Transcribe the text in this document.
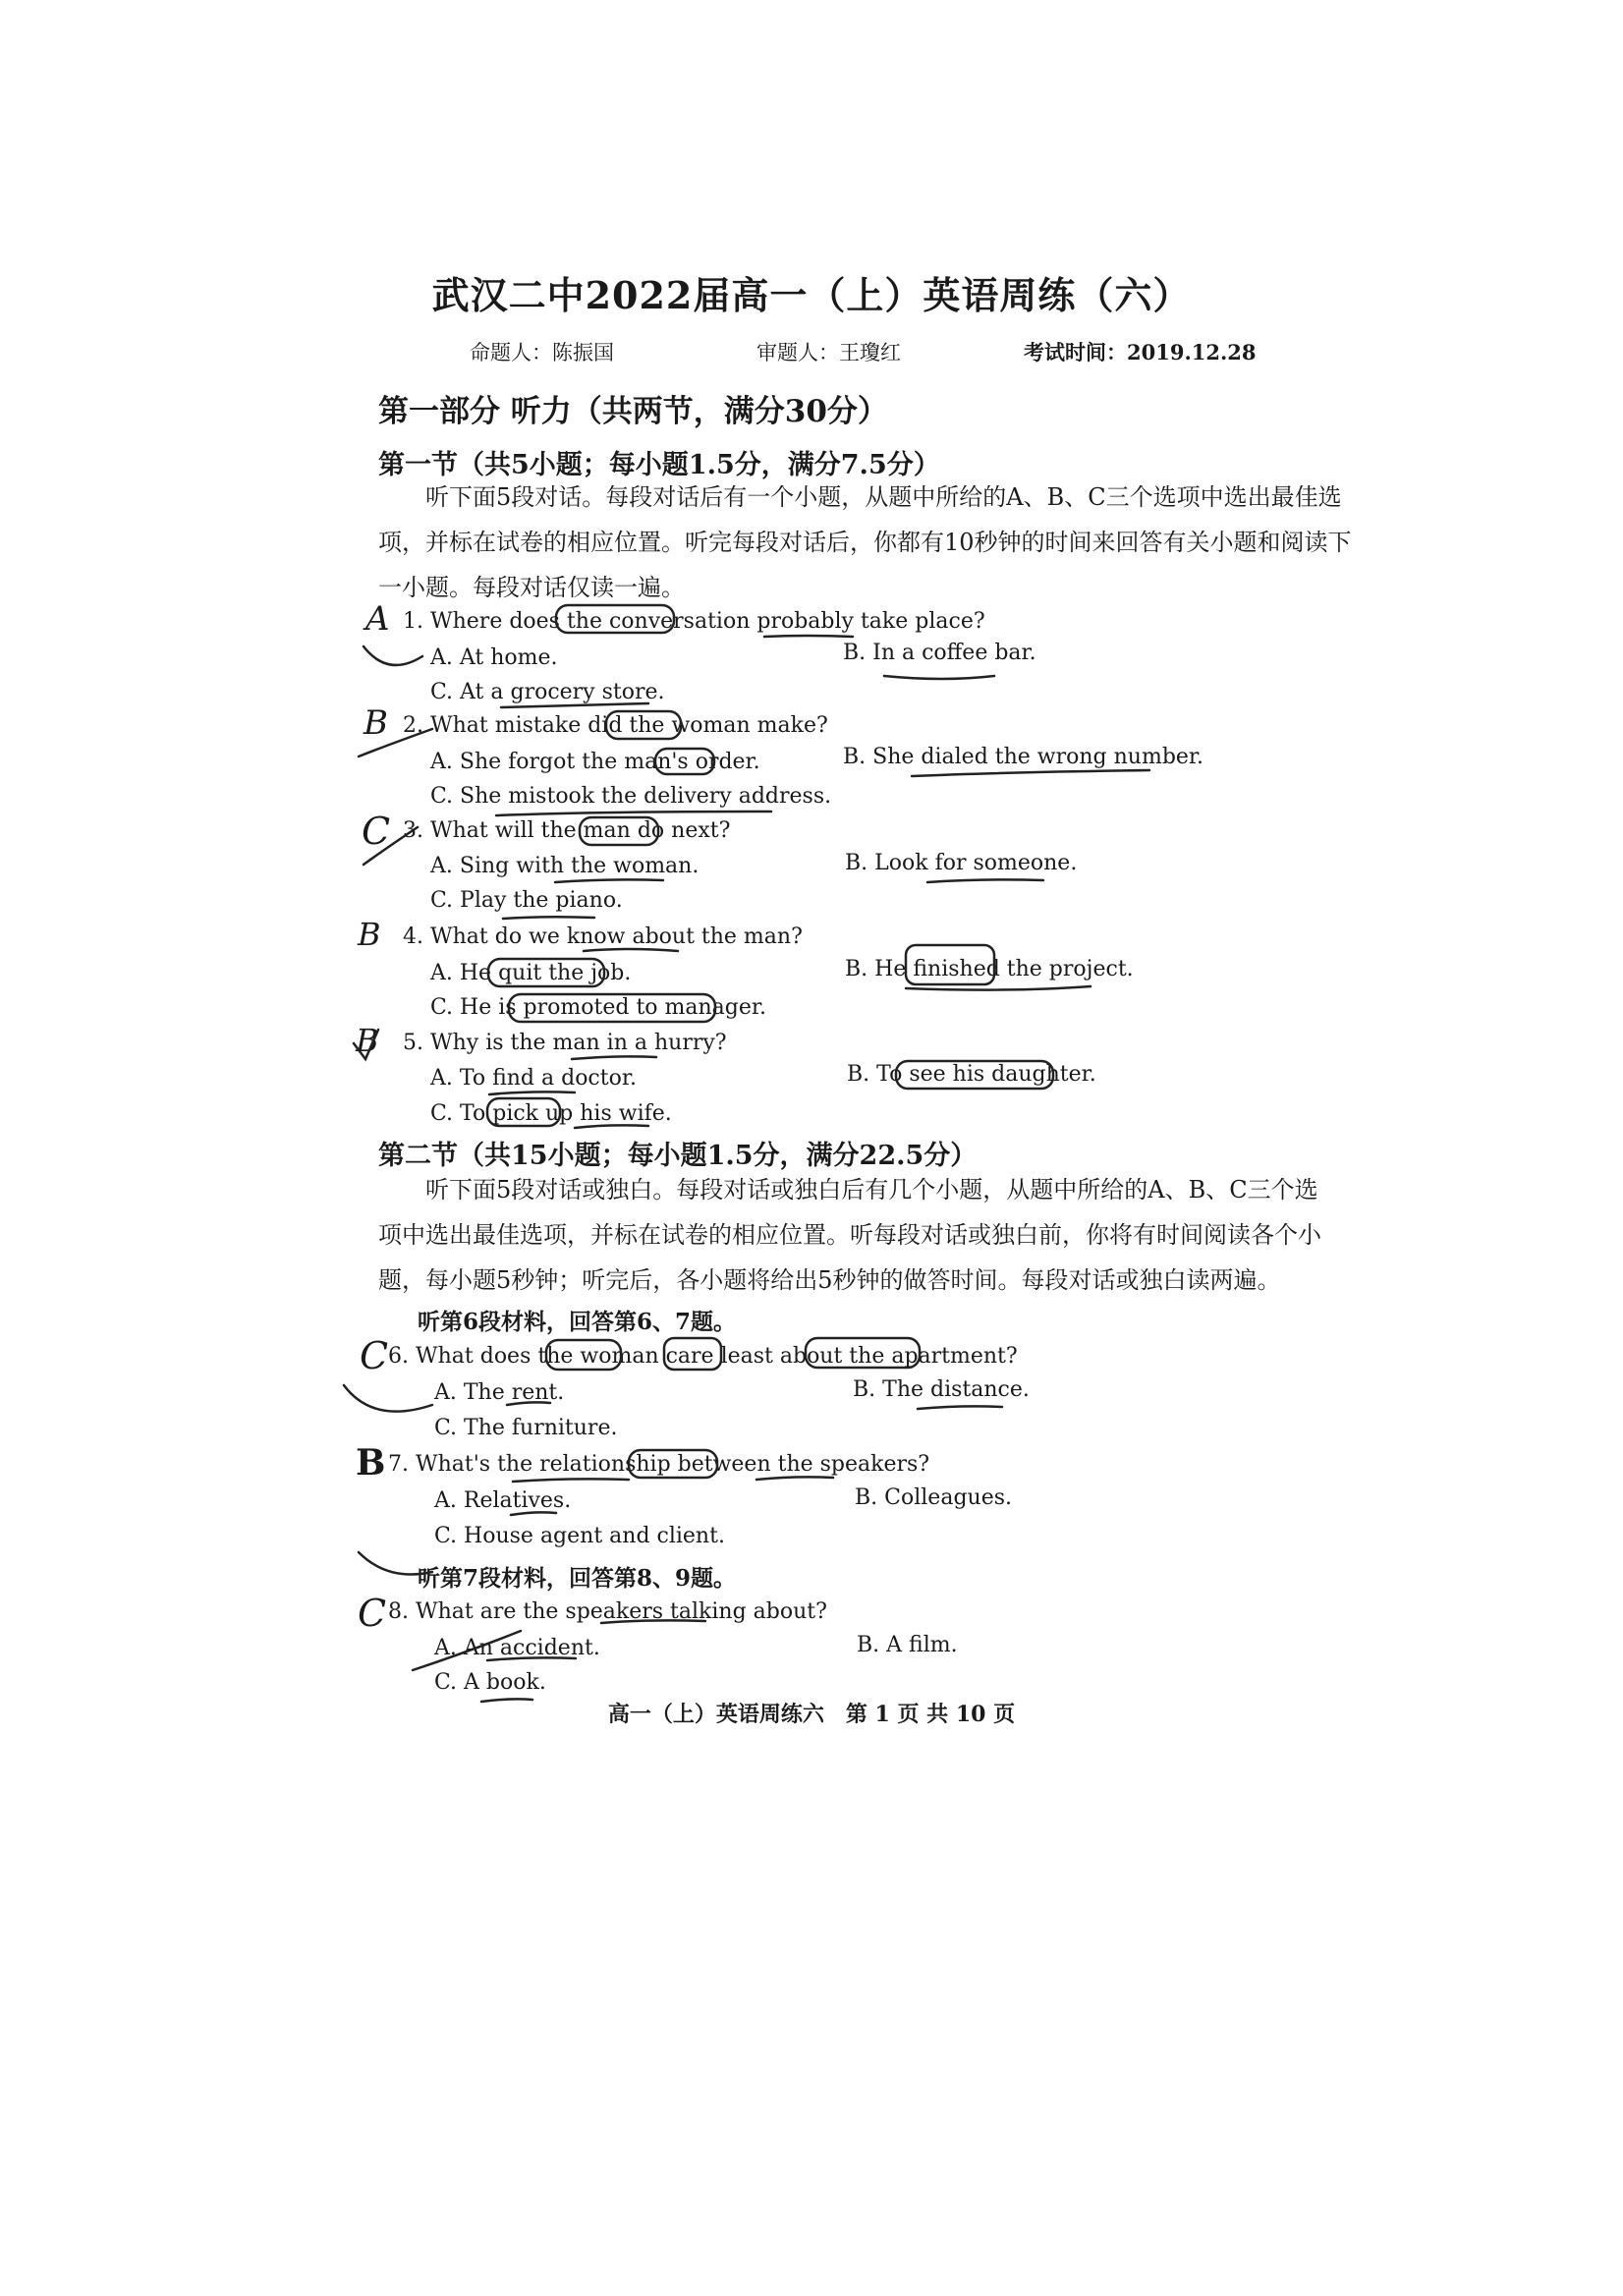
武汉二中2022届高一（上）英语周练（六）
命题人：陈振国	审题人：王瓊红	考试时间：2019.12.28
第一部分 听力（共两节，满分30分）
第一节（共5小题；每小题1.5分，满分7.5分）
听下面5段对话。每段对话后有一个小题，从题中所给的A、B、C三个选项中选出最佳选项，并标在试卷的相应位置。听完每段对话后，你都有10秒钟的时间来回答有关小题和阅读下一小题。每段对话仅读一遍。
1. Where does the conversation probably take place?
A. At home.	B. In a coffee bar.
C. At a grocery store.
2. What mistake did the woman make?
A. She forgot the man's order.	B. She dialed the wrong number.
C. She mistook the delivery address.
3. What will the man do next?
A. Sing with the woman.	B. Look for someone.
C. Play the piano.
4. What do we know about the man?
A. He quit the job.	B. He finished the project.
C. He is promoted to manager.
5. Why is the man in a hurry?
A. To find a doctor.	B. To see his daughter.
C. To pick up his wife.
第二节（共15小题；每小题1.5分，满分22.5分）
听下面5段对话或独白。每段对话或独白后有几个小题，从题中所给的A、B、C三个选项中选出最佳选项，并标在试卷的相应位置。听每段对话或独白前，你将有时间阅读各个小题，每小题5秒钟；听完后，各小题将给出5秒钟的做答时间。每段对话或独白读两遍。
听第6段材料，回答第6、7题。
6. What does the woman care least about the apartment?
A. The rent.	B. The distance.
C. The furniture.
7. What's the relationship between the speakers?
A. Relatives.	B. Colleagues.
C. House agent and client.
听第7段材料，回答第8、9题。
8. What are the speakers talking about?
A. An accident.	B. A film.
C. A book.
高一（上）英语周练六　第 1 页 共 10 页
A
B
C
B
B
C
B
C
